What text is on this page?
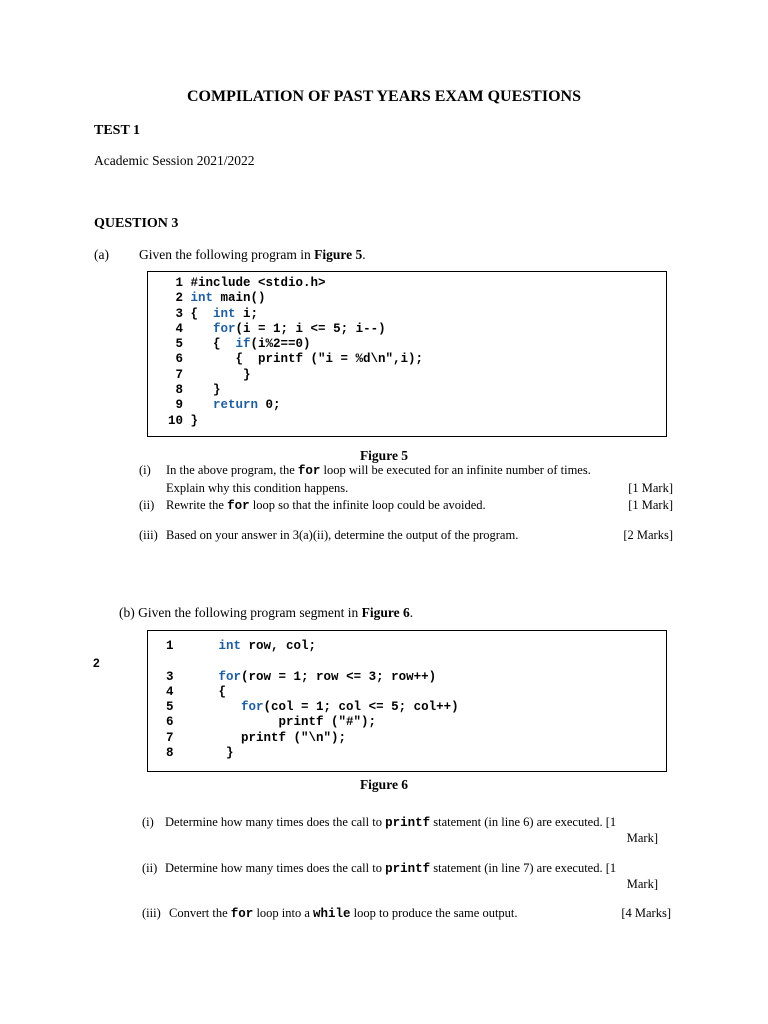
COMPILATION OF PAST YEARS EXAM QUESTIONS
TEST 1
Academic Session 2021/2022
QUESTION 3
(a) Given the following program in Figure 5.
1 #include <stdio.h>
2 int main()
3 {  int i;
4 for(i = 1; i <= 5; i--)
5    {  if(i%2==0)
6       {  printf ("i = %d\n",i);
7        }
8    }
9 return 0;
10 }
Figure 5
(i) In the above program, the for loop will be executed for an infinite number of times.
Explain why this condition happens.	[1 Mark]
(ii) Rewrite the for loop so that the infinite loop could be avoided.	[1 Mark]
(iii) Based on your answer in 3(a)(ii), determine the output of the program.	[2 Marks]
(b) Given the following program segment in Figure 6.
2
1	int row, col;

3	for(row = 1; row <= 3; row++)
4      {
5	for(col = 1; col <= 5; col++)
6              printf ("#");
7         printf ("\n");
8       }
Figure 6
(i) Determine how many times does the call to printf statement (in line 6) are executed. [1
Mark]
(ii) Determine how many times does the call to printf statement (in line 7) are executed. [1
Mark]
(iii) Convert the for loop into a while loop to produce the same output.	[4 Marks]
